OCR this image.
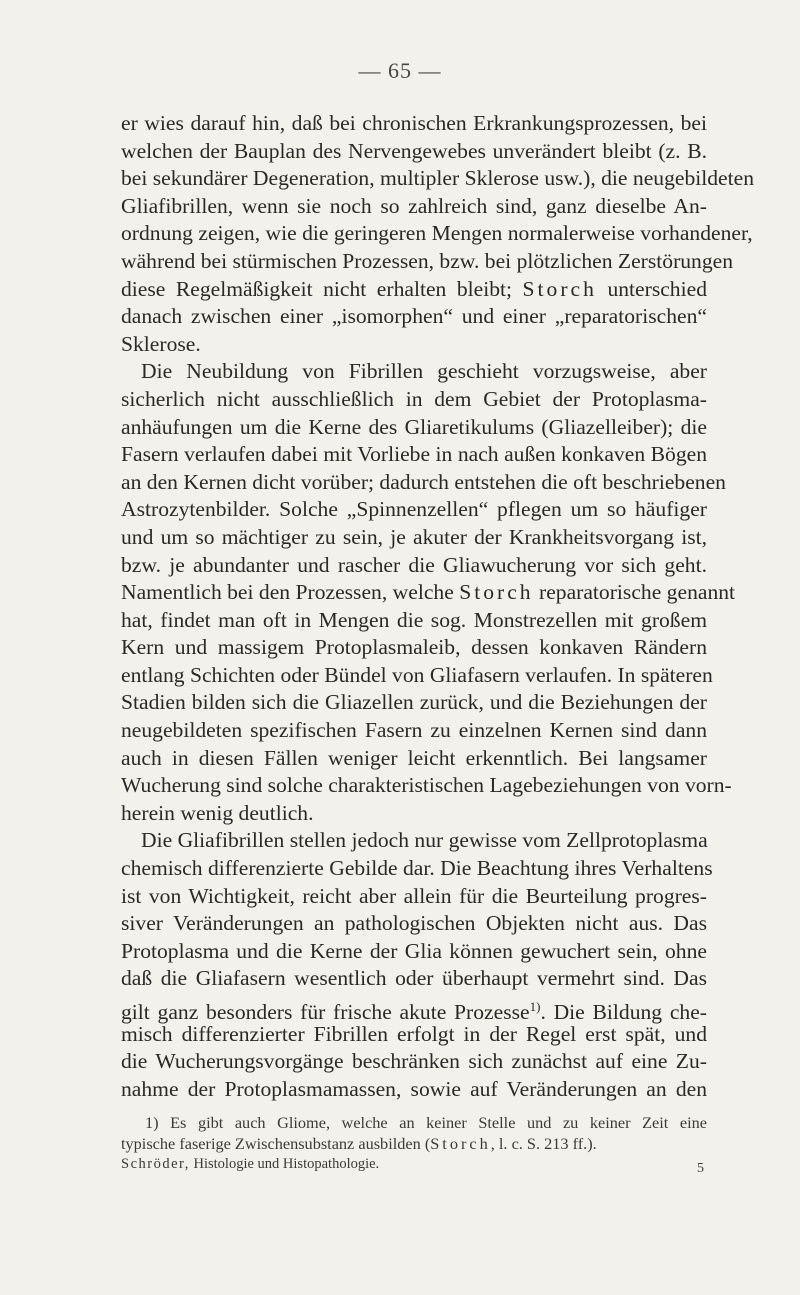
— 65 —
er wies darauf hin, daß bei chronischen Erkrankungsprozessen, bei
welchen der Bauplan des Nervengewebes unverändert bleibt (z. B.
bei sekundärer Degeneration, multipler Sklerose usw.), die neugebildeten
Gliafibrillen, wenn sie noch so zahlreich sind, ganz dieselbe An-
ordnung zeigen, wie die geringeren Mengen normalerweise vorhandener,
während bei stürmischen Prozessen, bzw. bei plötzlichen Zerstörungen
diese Regelmäßigkeit nicht erhalten bleibt; Storch unterschied
danach zwischen einer „isomorphen“ und einer „reparatorischen“
Sklerose.
Die Neubildung von Fibrillen geschieht vorzugsweise, aber
sicherlich nicht ausschließlich in dem Gebiet der Protoplasma-
anhäufungen um die Kerne des Gliaretikulums (Gliazelleiber); die
Fasern verlaufen dabei mit Vorliebe in nach außen konkaven Bögen
an den Kernen dicht vorüber; dadurch entstehen die oft beschriebenen
Astrozytenbilder. Solche „Spinnenzellen“ pflegen um so häufiger
und um so mächtiger zu sein, je akuter der Krankheitsvorgang ist,
bzw. je abundanter und rascher die Gliawucherung vor sich geht.
Namentlich bei den Prozessen, welche Storch reparatorische genannt
hat, findet man oft in Mengen die sog. Monstrezellen mit großem
Kern und massigem Protoplasmaleib, dessen konkaven Rändern
entlang Schichten oder Bündel von Gliafasern verlaufen. In späteren
Stadien bilden sich die Gliazellen zurück, und die Beziehungen der
neugebildeten spezifischen Fasern zu einzelnen Kernen sind dann
auch in diesen Fällen weniger leicht erkenntlich. Bei langsamer
Wucherung sind solche charakteristischen Lagebeziehungen von vorn-
herein wenig deutlich.
Die Gliafibrillen stellen jedoch nur gewisse vom Zellprotoplasma
chemisch differenzierte Gebilde dar. Die Beachtung ihres Verhaltens
ist von Wichtigkeit, reicht aber allein für die Beurteilung progres-
siver Veränderungen an pathologischen Objekten nicht aus. Das
Protoplasma und die Kerne der Glia können gewuchert sein, ohne
daß die Gliafasern wesentlich oder überhaupt vermehrt sind. Das
gilt ganz besonders für frische akute Prozesse$^{1)}$. Die Bildung che-
misch differenzierter Fibrillen erfolgt in der Regel erst spät, und
die Wucherungsvorgänge beschränken sich zunächst auf eine Zu-
nahme der Protoplasmamassen, sowie auf Veränderungen an den
1) Es gibt auch Gliome, welche an keiner Stelle und zu keiner Zeit eine
typische faserige Zwischensubstanz ausbilden (Storch, l. c. S. 213 ff.).
Schröder, Histologie und Histopathologie.	5
